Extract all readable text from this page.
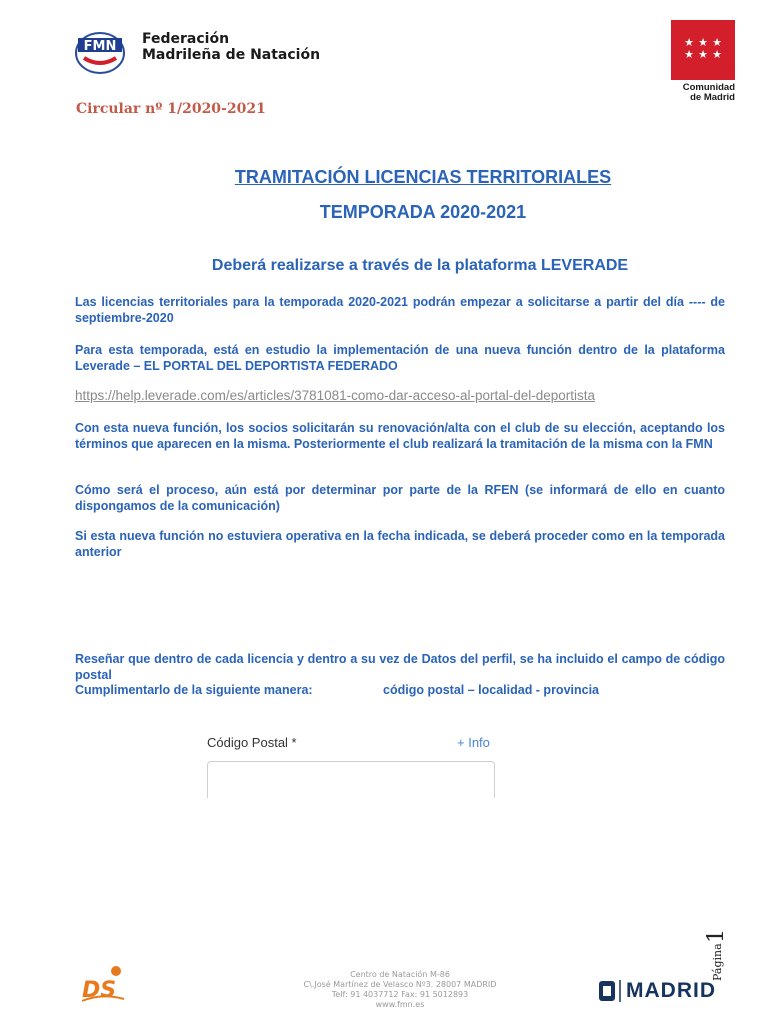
FMN Federación
Madrileña de Natación
★ ★ ★
★ ★ ★
Comunidad
de Madrid
Circular nº 1/2020-2021
TRAMITACIÓN LICENCIAS TERRITORIALES
TEMPORADA 2020-2021
Deberá realizarse a través de la plataforma LEVERADE
Las licencias territoriales para la temporada 2020-2021 podrán empezar a solicitarse a partir del día ---- de septiembre-2020
Para esta temporada, está en estudio la implementación de una nueva función dentro de la plataforma Leverade – EL PORTAL DEL DEPORTISTA FEDERADO
https://help.leverade.com/es/articles/3781081-como-dar-acceso-al-portal-del-deportista
Con esta nueva función, los socios solicitarán su renovación/alta con el club de su elección, aceptando los términos que aparecen en la misma. Posteriormente el club realizará la tramitación de la misma con la FMN
Cómo será el proceso, aún está por determinar por parte de la RFEN (se informará de ello en cuanto dispongamos de la comunicación)
Si esta nueva función no estuviera operativa en la fecha indicada, se deberá proceder como en la temporada anterior
Reseñar que dentro de cada licencia y dentro a su vez de Datos del perfil, se ha incluido el campo de código postal
Cumplimentarlo de la siguiente manera:	código postal – localidad - provincia
Código Postal *	+ Info
Página
1
DS
Centro de Natación M-86
C\.José Martínez de Velasco Nº3. 28007 MADRID
Telf: 91 4037712 Fax: 91 5012893
www.fmn.es
MADRID
